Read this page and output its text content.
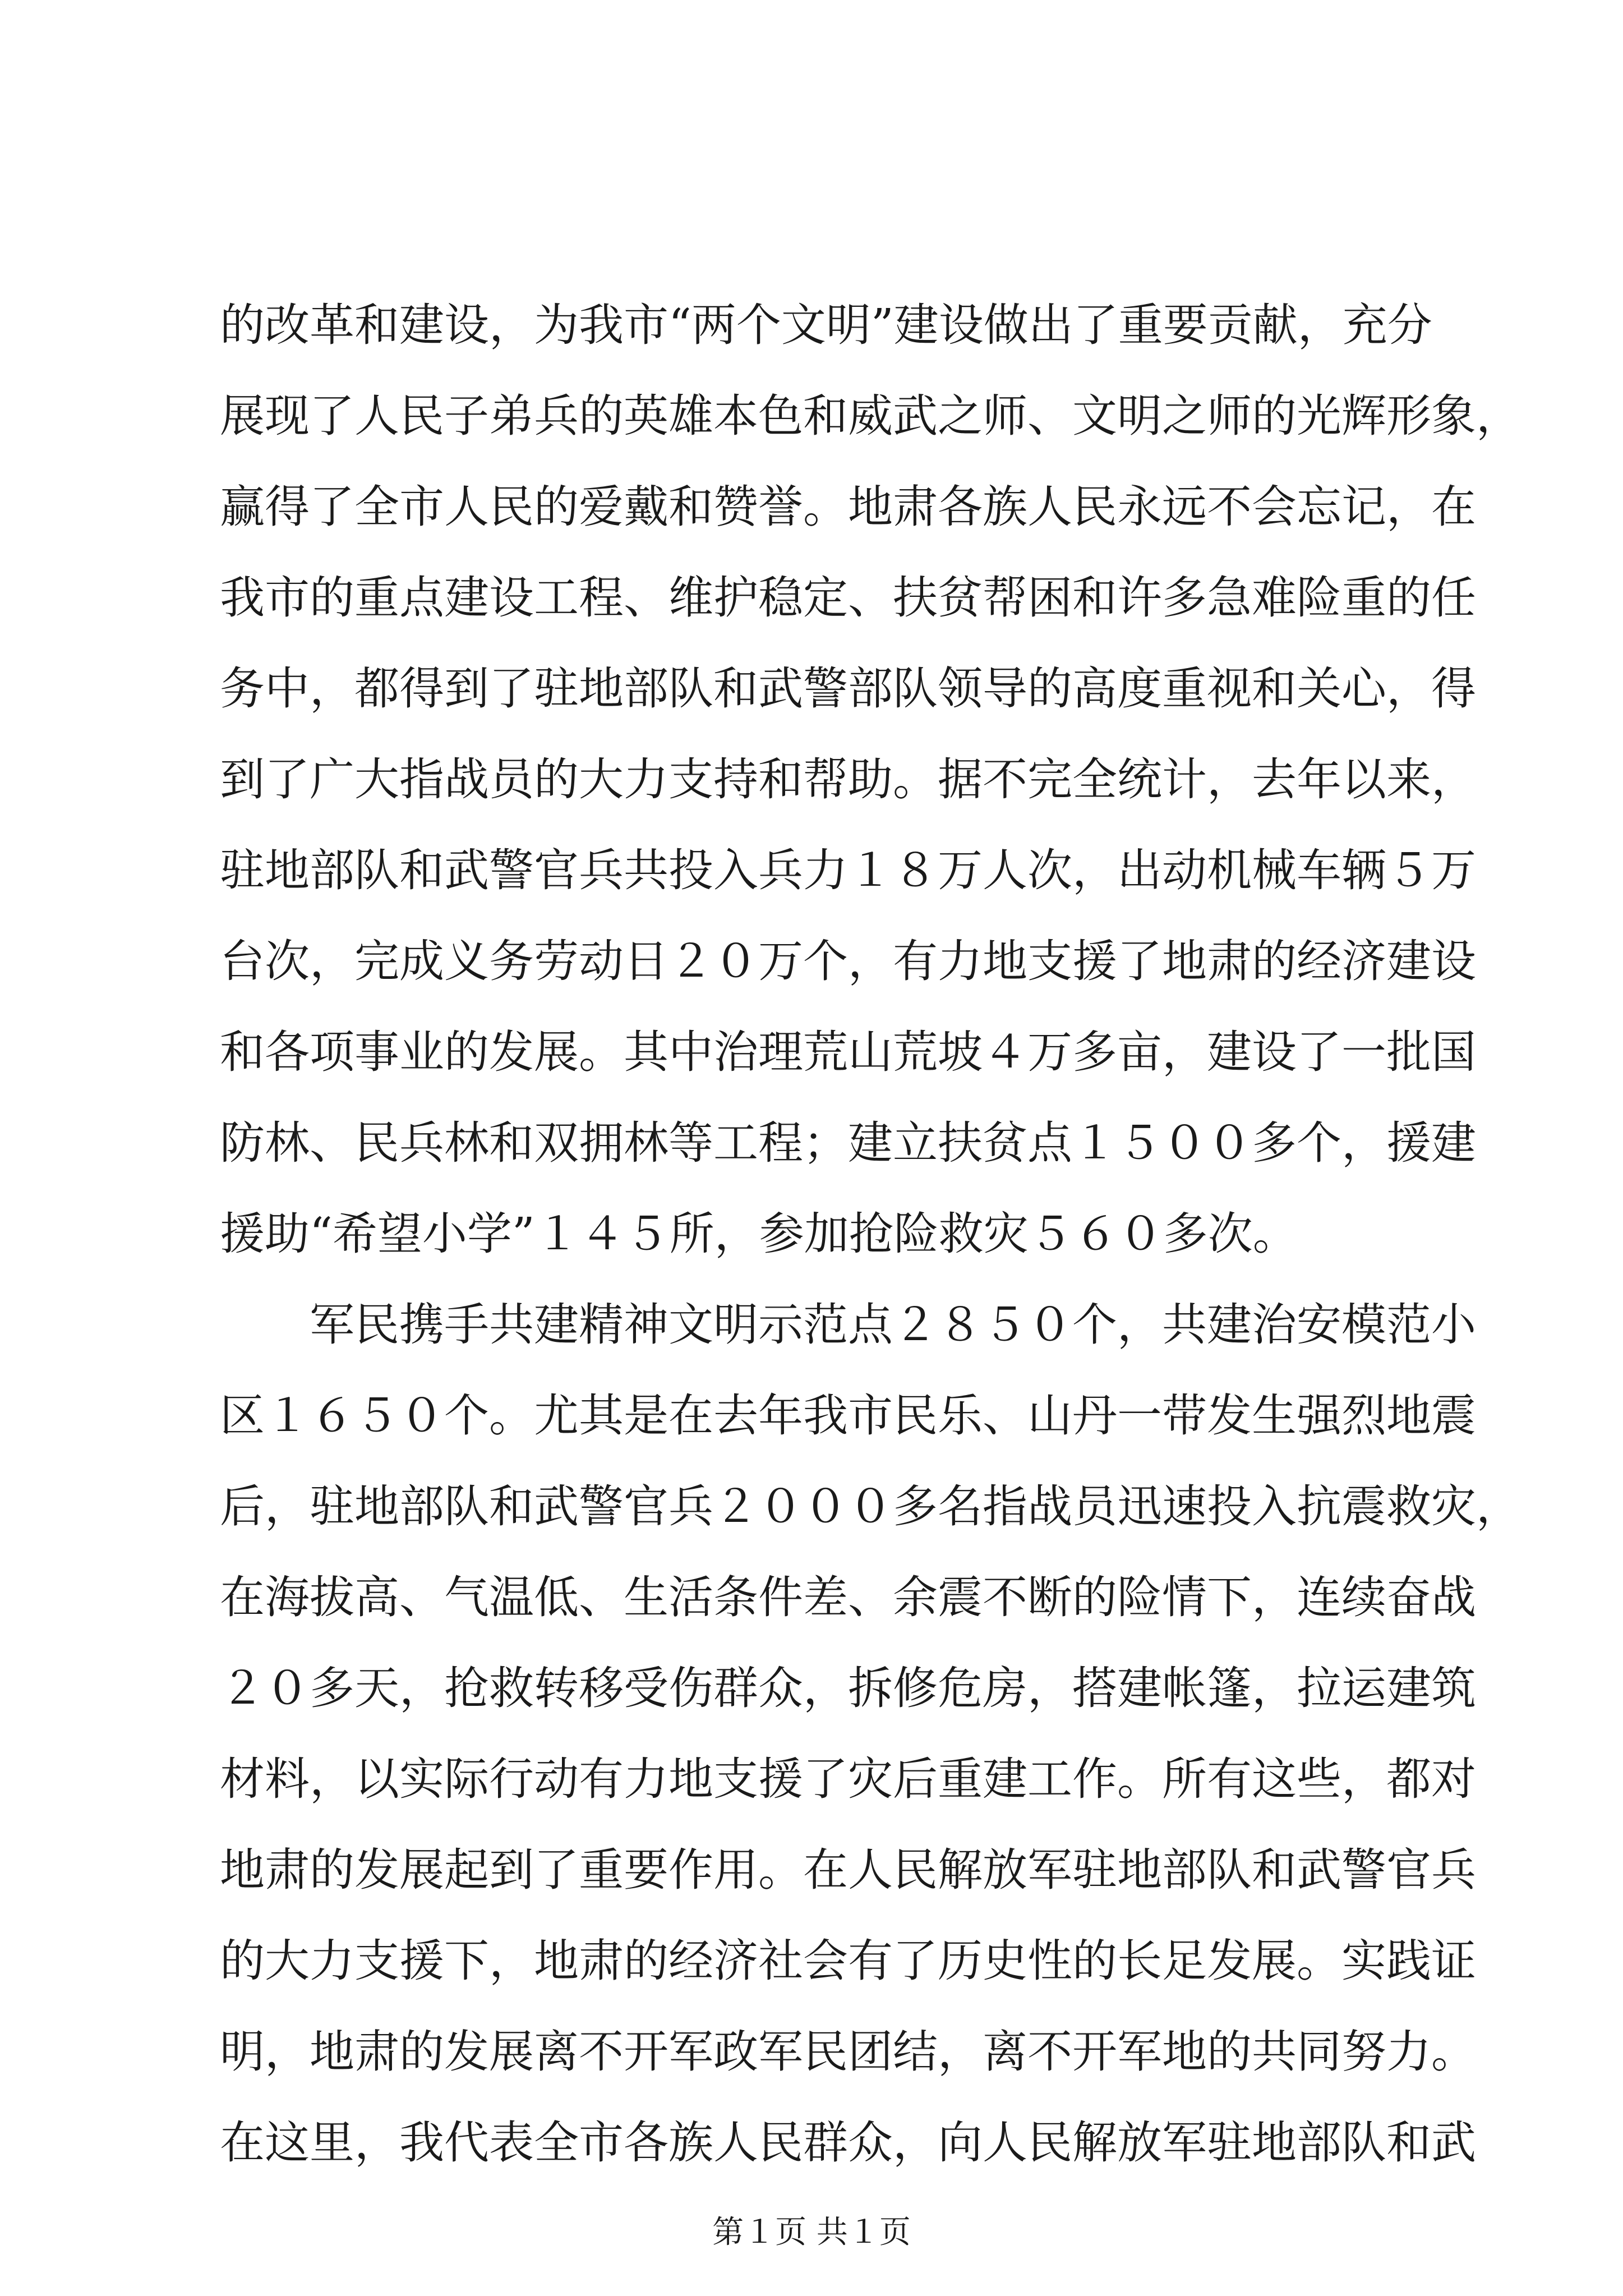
的改革和建设，为我市“两个文明”建设做出了重要贡献，充分
展现了人民子弟兵的英雄本色和威武之师、文明之师的光辉形象，
赢得了全市人民的爱戴和赞誉。地肃各族人民永远不会忘记，在
我市的重点建设工程、维护稳定、扶贫帮困和许多急难险重的任
务中，都得到了驻地部队和武警部队领导的高度重视和关心，得
到了广大指战员的大力支持和帮助。据不完全统计，去年以来，
驻地部队和武警官兵共投入兵力１８万人次，出动机械车辆５万
台次，完成义务劳动日２０万个，有力地支援了地肃的经济建设
和各项事业的发展。其中治理荒山荒坡４万多亩，建设了一批国
防林、民兵林和双拥林等工程；建立扶贫点１５００多个，援建
援助“希望小学”１４５所，参加抢险救灾５６０多次。
军民携手共建精神文明示范点２８５０个，共建治安模范小
区１６５０个。尤其是在去年我市民乐、山丹一带发生强烈地震
后，驻地部队和武警官兵２０００多名指战员迅速投入抗震救灾，
在海拔高、气温低、生活条件差、余震不断的险情下，连续奋战
２０多天，抢救转移受伤群众，拆修危房，搭建帐篷，拉运建筑
材料，以实际行动有力地支援了灾后重建工作。所有这些，都对
地肃的发展起到了重要作用。在人民解放军驻地部队和武警官兵
的大力支援下，地肃的经济社会有了历史性的长足发展。实践证
明，地肃的发展离不开军政军民团结，离不开军地的共同努力。
在这里，我代表全市各族人民群众，向人民解放军驻地部队和武
第１页 共１页
